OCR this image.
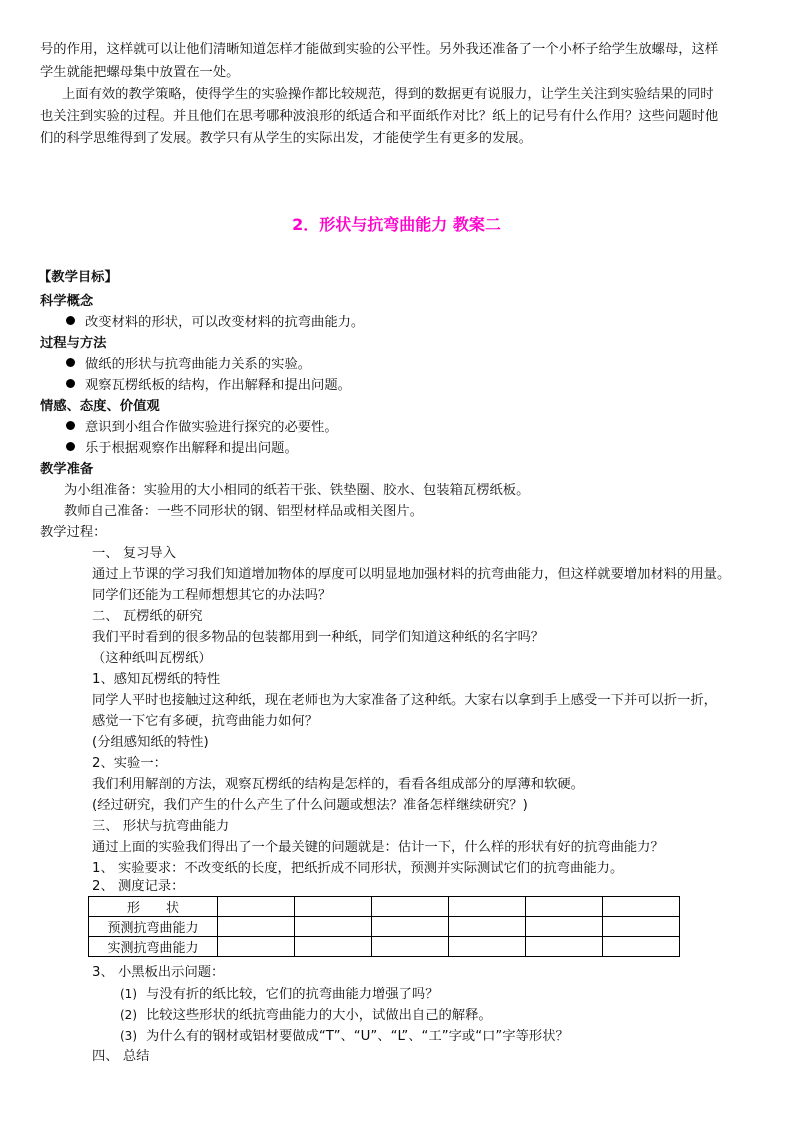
号的作用，这样就可以让他们清晰知道怎样才能做到实验的公平性。另外我还准备了一个小杯子给学生放螺母，这样
学生就能把螺母集中放置在一处。
上面有效的教学策略，使得学生的实验操作都比较规范，得到的数据更有说服力，让学生关注到实验结果的同时
也关注到实验的过程。并且他们在思考哪种波浪形的纸适合和平面纸作对比？纸上的记号有什么作用？这些问题时他
们的科学思维得到了发展。教学只有从学生的实际出发，才能使学生有更多的发展。
2．形状与抗弯曲能力 教案二
【教学目标】
科学概念
改变材料的形状，可以改变材料的抗弯曲能力。
过程与方法
做纸的形状与抗弯曲能力关系的实验。
观察瓦楞纸板的结构，作出解释和提出问题。
情感、态度、价值观
意识到小组合作做实验进行探究的必要性。
乐于根据观察作出解释和提出问题。
教学准备
为小组准备：实验用的大小相同的纸若干张、铁垫圈、胶水、包装箱瓦楞纸板。
教师自己准备：一些不同形状的钢、铝型材样品或相关图片。
教学过程：
一、 复习导入
通过上节课的学习我们知道增加物体的厚度可以明显地加强材料的抗弯曲能力，但这样就要增加材料的用量。
同学们还能为工程师想想其它的办法吗？
二、 瓦楞纸的研究
我们平时看到的很多物品的包装都用到一种纸，同学们知道这种纸的名字吗？
（这种纸叫瓦楞纸）
1、感知瓦楞纸的特性
同学人平时也接触过这种纸，现在老师也为大家准备了这种纸。大家右以拿到手上感受一下并可以折一折，
感觉一下它有多硬，抗弯曲能力如何？
(分组感知纸的特性)
2、实验一：
我们利用解剖的方法，观察瓦楞纸的结构是怎样的，看看各组成部分的厚薄和软硬。
(经过研究，我们产生的什么产生了什么问题或想法？准备怎样继续研究？)
三、 形状与抗弯曲能力
通过上面的实验我们得出了一个最关键的问题就是：估计一下，什么样的形状有好的抗弯曲能力？
1、 实验要求：不改变纸的长度，把纸折成不同形状，预测并实际测试它们的抗弯曲能力。
2、 测度记录：
形　　状						
预测抗弯曲能力						
实测抗弯曲能力						
3、 小黑板出示问题：
(1) 与没有折的纸比较，它们的抗弯曲能力增强了吗？
(2) 比较这些形状的纸抗弯曲能力的大小，试做出自己的解释。
(3) 为什么有的钢材或铝材要做成“T”、“U”、“L”、“工”字或“口”字等形状？
四、 总结
